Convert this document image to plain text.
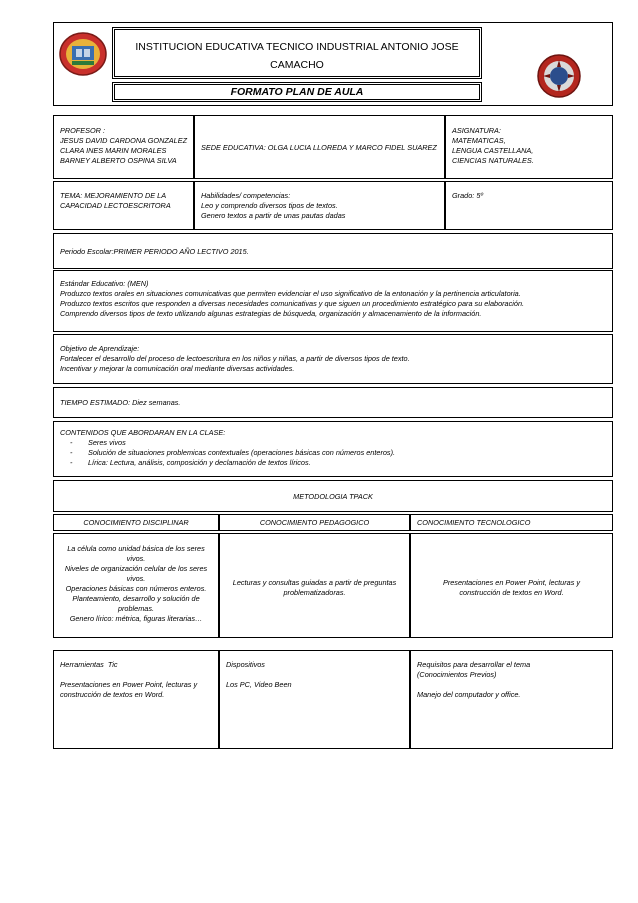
INSTITUCION EDUCATIVA TECNICO INDUSTRIAL ANTONIO JOSE CAMACHO
FORMATO PLAN DE AULA
PROFESOR :
JESUS DAVID CARDONA GONZALEZ
CLARA INES MARIN MORALES
BARNEY ALBERTO OSPINA SILVA
SEDE EDUCATIVA: OLGA LUCIA LLOREDA Y MARCO FIDEL SUAREZ
ASIGNATURA:
MATEMATICAS,
LENGUA CASTELLANA,
CIENCIAS NATURALES.
TEMA: MEJORAMIENTO DE LA
CAPACIDAD LECTOESCRITORA
Habilidades/ competencias:
Leo y comprendo diversos tipos de textos.
Genero textos a partir de unas pautas dadas
Grado: 5º
Periodo Escolar:PRIMER PERIODO AÑO LECTIVO 2015.
Estándar Educativo: (MEN)
Produzco textos orales en situaciones comunicativas que permiten evidenciar el uso significativo de la entonación y la pertinencia articulatoria.
Produzco textos escritos que responden a diversas necesidades comunicativas y que siguen un procedimiento estratégico para su elaboración.
Comprendo diversos tipos de texto utilizando algunas estrategias de búsqueda, organización y almacenamiento de la información.
Objetivo de Aprendizaje:
Fortalecer el desarrollo del proceso de lectoescritura en los niños y niñas, a partir de diversos tipos de texto.
Incentivar y mejorar la comunicación oral mediante diversas actividades.
TIEMPO ESTIMADO: Diez semanas.
CONTENIDOS QUE ABORDARAN EN LA CLASE:
- Seres vivos
- Solución de situaciones problemicas contextuales (operaciones básicas con números enteros).
- Lírica: Lectura, análisis, composición y declamación de textos líricos.
METODOLOGIA TPACK
CONOCIMIENTO DISCIPLINAR	CONOCIMIENTO PEDAGOGICO	CONOCIMIENTO TECNOLOGICO
La célula como unidad básica de los seres
vivos.
Niveles de organización celular de los seres
vivos.
Operaciones básicas con números enteros.
Planteamiento, desarrollo y solución de
problemas.
Genero lírico: métrica, figuras literarias…
Lecturas y consultas guiadas a partir de preguntas
problematizadoras.
Presentaciones en Power Point, lecturas y
construcción de textos en Word.
Herramientas  Tic
Presentaciones en Power Point, lecturas y
construcción de textos en Word.
Dispositivos
Los PC, Video Been
Requisitos para desarrollar el tema
(Conocimientos Previos)
Manejo del computador y office.
